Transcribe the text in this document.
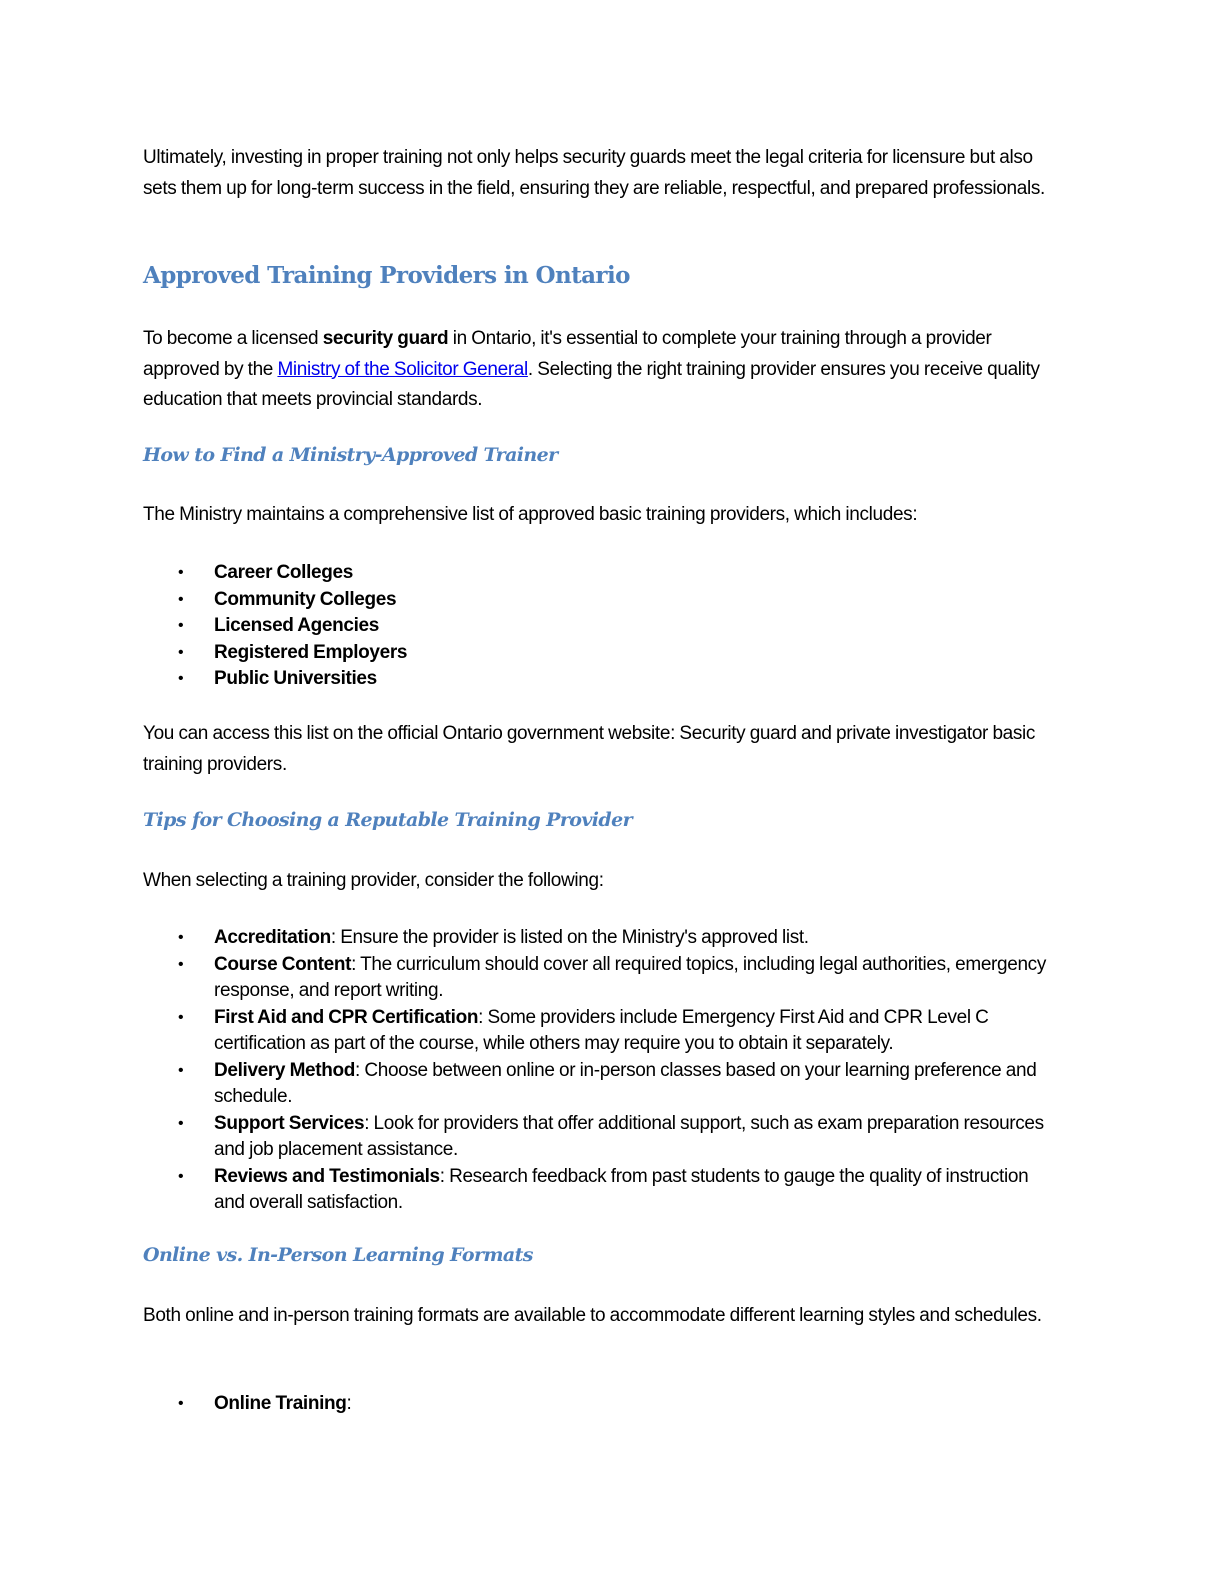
Ultimately, investing in proper training not only helps security guards meet the legal criteria for licensure but also sets them up for long-term success in the field, ensuring they are reliable, respectful, and prepared professionals.

Approved Training Providers in Ontario

To become a licensed security guard in Ontario, it's essential to complete your training through a provider approved by the Ministry of the Solicitor General. Selecting the right training provider ensures you receive quality education that meets provincial standards.

How to Find a Ministry-Approved Trainer

The Ministry maintains a comprehensive list of approved basic training providers, which includes:

• Career Colleges
• Community Colleges
• Licensed Agencies
• Registered Employers
• Public Universities

You can access this list on the official Ontario government website: Security guard and private investigator basic training providers.

Tips for Choosing a Reputable Training Provider

When selecting a training provider, consider the following:

• Accreditation: Ensure the provider is listed on the Ministry's approved list.
• Course Content: The curriculum should cover all required topics, including legal authorities, emergency response, and report writing.
• First Aid and CPR Certification: Some providers include Emergency First Aid and CPR Level C certification as part of the course, while others may require you to obtain it separately.
• Delivery Method: Choose between online or in-person classes based on your learning preference and schedule.
• Support Services: Look for providers that offer additional support, such as exam preparation resources and job placement assistance.
• Reviews and Testimonials: Research feedback from past students to gauge the quality of instruction and overall satisfaction.
Online vs. In-Person Learning Formats

Both online and in-person training formats are available to accommodate different learning styles and schedules.

• Online Training:
